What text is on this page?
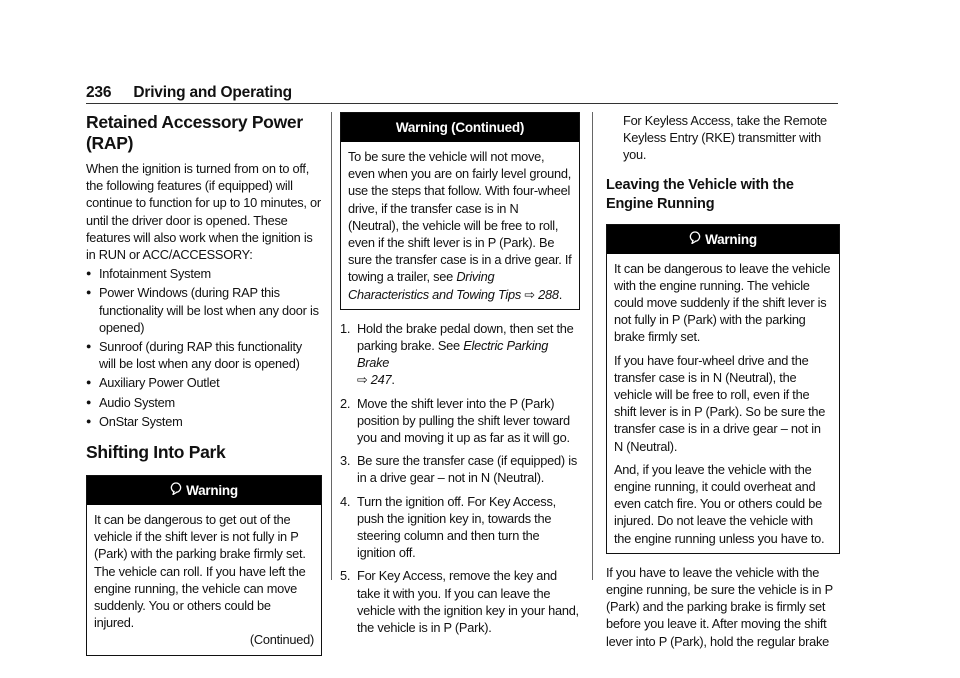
236 Driving and Operating
Retained Accessory Power (RAP)

When the ignition is turned from on to off, the following features (if equipped) will continue to function for up to 10 minutes, or until the driver door is opened. These features will also work when the ignition is in RUN or ACC/ACCESSORY:

● Infotainment System
● Power Windows (during RAP this functionality will be lost when any door is opened)
● Sunroof (during RAP this functionality will be lost when any door is opened)
● Auxiliary Power Outlet
● Audio System
● OnStar System
Shifting Into Park
Warning

It can be dangerous to get out of the vehicle if the shift lever is not fully in P (Park) with the parking brake firmly set. The vehicle can roll. If you have left the engine running, the vehicle can move suddenly. You or others could be injured.

(Continued)

Warning (Continued)

To be sure the vehicle will not move, even when you are on fairly level ground, use the steps that follow. With four-wheel drive, if the transfer case is in N (Neutral), the vehicle will be free to roll, even if the shift lever is in P (Park). Be sure the transfer case is in a drive gear. If towing a trailer, see Driving Characteristics and Towing Tips ⇨ 288.

1. Hold the brake pedal down, then set the parking brake. See Electric Parking Brake
⇨ 247.
2. Move the shift lever into the P (Park) position by pulling the shift lever toward you and moving it up as far as it will go.
3. Be sure the transfer case (if equipped) is in a drive gear – not in N (Neutral).
4. Turn the ignition off. For Key Access, push the ignition key in, towards the steering column and then turn the ignition off.
5. For Key Access, remove the key and take it with you. If you can leave the vehicle with the ignition key in your hand, the vehicle is in P (Park).

For Keyless Access, take the Remote Keyless Entry (RKE) transmitter with you.

Leaving the Vehicle with the Engine Running
Warning

It can be dangerous to leave the vehicle with the engine running. The vehicle could move suddenly if the shift lever is not fully in P (Park) with the parking brake firmly set.

If you have four-wheel drive and the transfer case is in N (Neutral), the vehicle will be free to roll, even if the shift lever is in P (Park). So be sure the transfer case is in a drive gear – not in N (Neutral).

And, if you leave the vehicle with the engine running, it could overheat and even catch fire. You or others could be injured. Do not leave the vehicle with the engine running unless you have to.

If you have to leave the vehicle with the engine running, be sure the vehicle is in P (Park) and the parking brake is firmly set before you leave it. After moving the shift lever into P (Park), hold the regular brake
